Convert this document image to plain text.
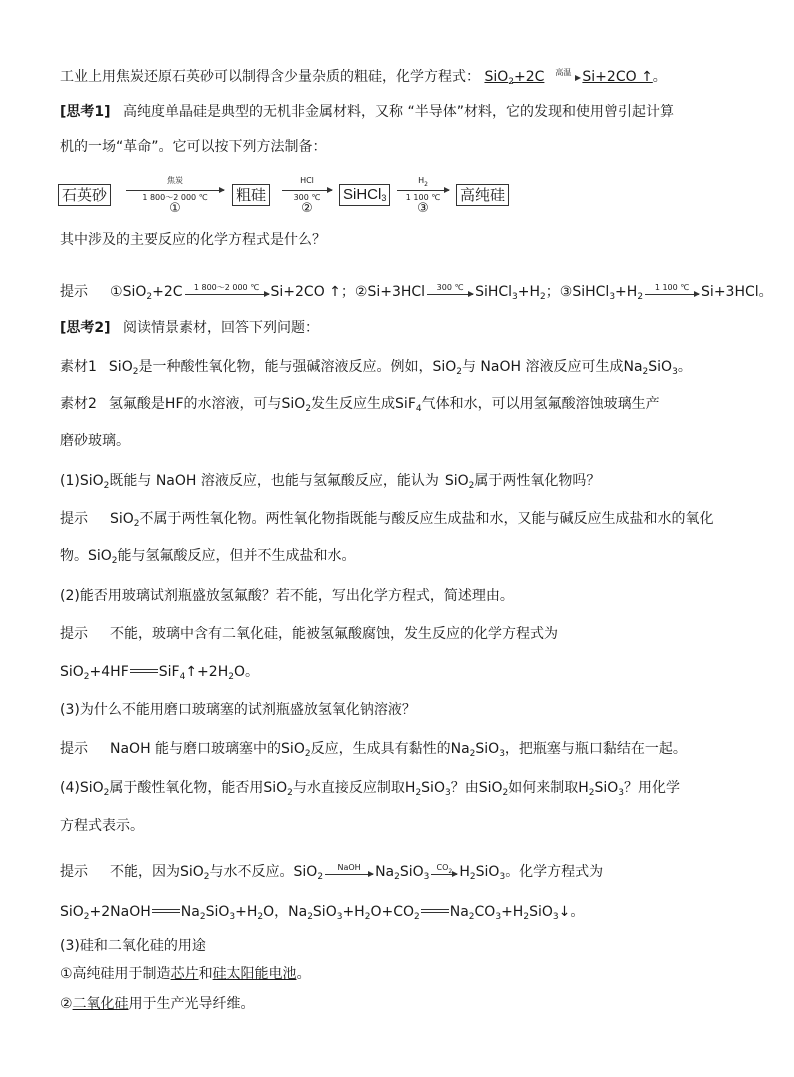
工业上用焦炭还原石英砂可以制得含少量杂质的粗硅，化学方程式： SiO$_2$+2C	高温 Si+2CO ↑。
[思考1] 高纯度单晶硅是典型的无机非金属材料，又称 “半导体”材料，它的发现和使用曾引起计算
机的一场“革命”。它可以按下列方法制备：
石英砂
焦炭
1 800～2 000 ℃
①
粗硅
HCl
300 ℃
②
SiHCl$_3$
$H_2$
1 100 ℃
③
高纯硅
其中涉及的主要反应的化学方程式是什么？
提示 ①SiO$_2$+2C	1 800～2 000 ℃ Si+2CO ↑；②Si+3HCl	300 ℃ $SiHCl_3+H_2$；$③SiHCl_3+H_2$
1 100 ℃ Si+3HCl。
[思考2] 阅读情景素材，回答下列问题：
素材1 SiO$_2$是一种酸性氧化物，能与强碱溶液反应。例如，SiO$_2$与 NaOH 溶液反应可生成$Na_2SiO_3$。
素材2 氢氟酸是HF的水溶液，可与SiO$_2$发生反应生成SiF$_4$气体和水，可以用氢氟酸溶蚀玻璃生产
磨砂玻璃。
(1)SiO$_2$既能与 NaOH 溶液反应，也能与氢氟酸反应，能认为 SiO$_2$属于两性氧化物吗？
提示 SiO$_2$不属于两性氧化物。两性氧化物指既能与酸反应生成盐和水，又能与碱反应生成盐和水的氧化
物。SiO$_2$能与氢氟酸反应，但并不生成盐和水。
(2)能否用玻璃试剂瓶盛放氢氟酸？若不能，写出化学方程式，简述理由。
提示 不能，玻璃中含有二氧化硅，能被氢氟酸腐蚀，发生反应的化学方程式为
SiO$_2$+4HF $SiF_4↑+2H_2O$。
(3)为什么不能用磨口玻璃塞的试剂瓶盛放氢氧化钠溶液？
提示 NaOH 能与磨口玻璃塞中的SiO$_2$反应，生成具有黏性的$Na_2SiO_3$，把瓶塞与瓶口黏结在一起。
(4)SiO$_2$属于酸性氧化物，能否用SiO$_2$与水直接反应制取$H_2SiO_3$？由SiO$_2$如何来制取$H_2SiO_3$？用化学
方程式表示。
提示 不能，因为SiO$_2$与水不反应。SiO$_2$
NaOH	$Na_2SiO_3$
$CO_2$ $H_2SiO_3$。化学方程式为
SiO$_2$+2NaOH $Na_2SiO_3+H_2O$，$Na_2SiO_3+H_2O+CO_2$ $Na_2CO_3+H_2SiO_3↓$。
(3)硅和二氧化硅的用途
①高纯硅用于制造芯片和硅太阳能电池。
②二氧化硅用于生产光导纤维。
